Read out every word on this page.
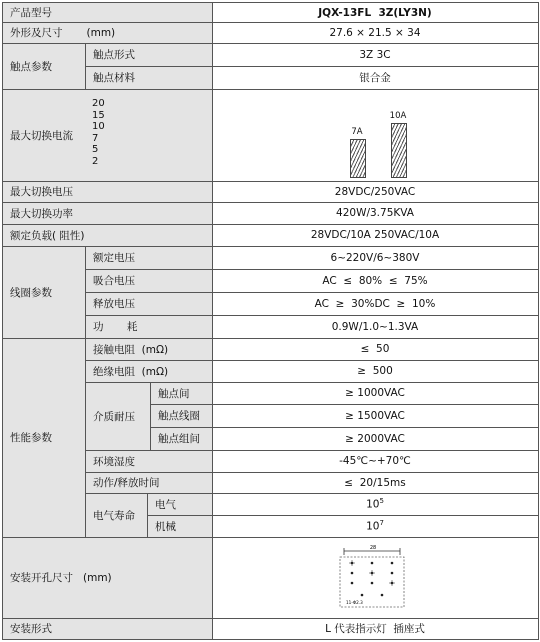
产品型号
外形及尺寸 (mm)
触点参数
触点形式
触点材料
最大切换电流
最大切换电压
最大切换功率
额定负载( 阻性)
线圈参数
额定电压
吸合电压
释放电压
功       耗
性能参数
接触电阻  (mΩ)
绝缘电阻  (mΩ)
介质耐压
触点间
触点线圈
触点组间
环境湿度
动作/释放时间
电气寿命
电气
机械
安装开孔尺寸 (mm)
安装形式
JQX-13FL  3Z(LY3N)
27.6 × 21.5 × 34
3Z 3C
银合金
28VDC/250VAC
420W/3.75KVA
28VDC/10A 250VAC/10A
6~220V/6~380V
AC  ≤  80%  ≤  75%
AC  ≥  30%DC  ≥  10%
0.9W/1.0~1.3VA
≤  50
≥  500
≥ 1000VAC
≥ 1500VAC
≥ 2000VAC
-45℃~+70℃
≤  20/15ms
$10^5$
$10^7$
L 代表指示灯  插座式
20
15
10
7
5
2
7A
10A
28
11-Φ2.3
